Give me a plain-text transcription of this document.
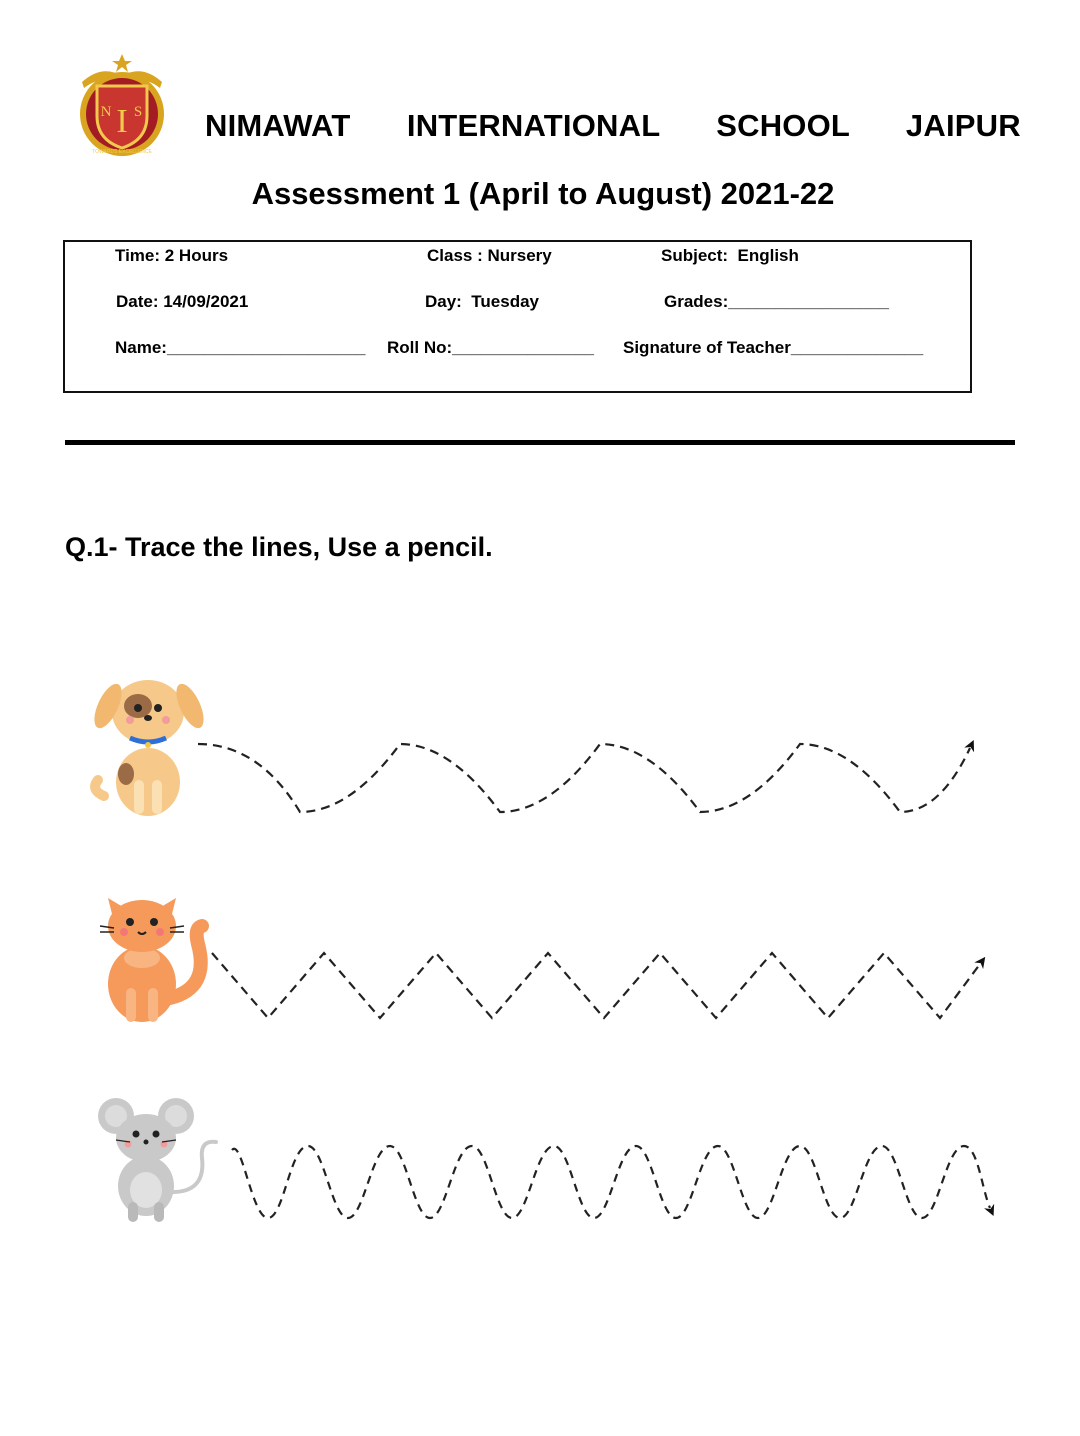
N I S
TOWARDS EXCELLENCE
NIMAWAT   INTERNATIONAL   SCHOOL   JAIPUR
Assessment 1 (April to August) 2021-22
Time: 2 Hours	Class : Nursery	Subject:  English
Date: 14/09/2021	Day:  Tuesday	Grades:_________________
Name:_____________________ Roll No:_______________ Signature of Teacher______________
Q.1- Trace the lines, Use a pencil.
